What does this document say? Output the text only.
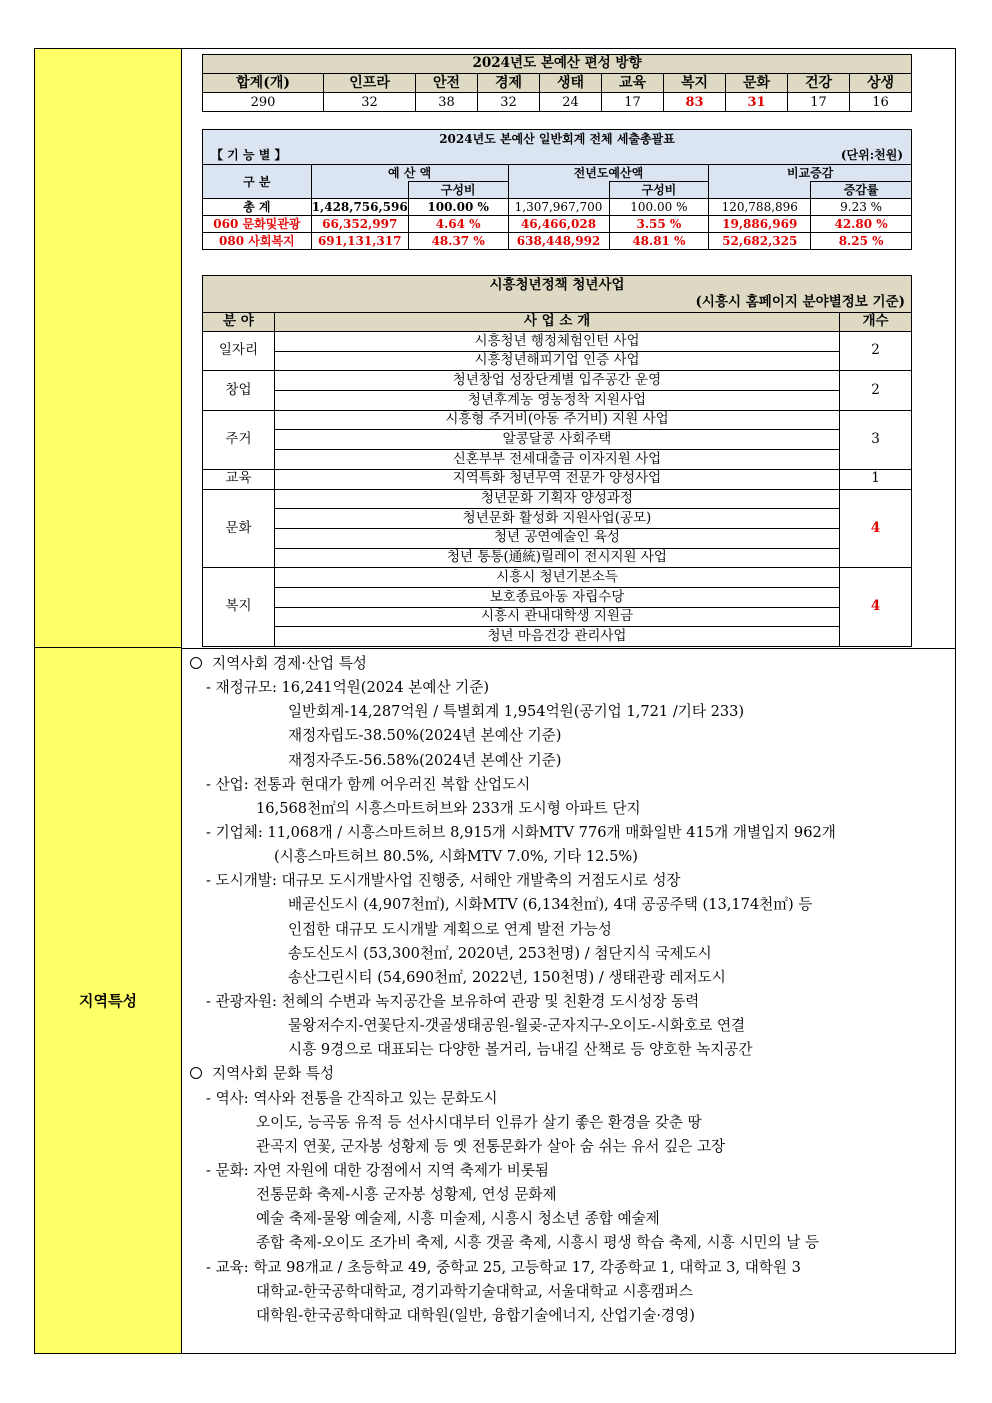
지역특성
2024년도 본예산 편성 방향									
합계(개)	인프라	안전	경제	생태	교육	복지	문화	건강	상생
290	32	38	32	24	17	83	31	17	16
2024년도 본예산 일반회계 전체 세출총괄표						

【 기 능 별 】 (단위:천원)						

구 분	예 산 액		전년도예산액		비교증감	
		구성비		구성비		증감률
총 계	1,428,756,596	100.00 %	1,307,967,700	100.00 %	120,788,896	9.23 %
060 문화및관광	66,352,997	4.64 %	46,466,028	3.55 %	19,886,969	42.80 %
080 사회복지	691,131,317	48.37 %	638,448,992	48.81 %	52,682,325	8.25 %
시흥청년정책 청년사업
(시흥시 홈페이지 분야별정보 기준)		

분 야	사 업 소 개	개수
일자리	시흥청년 행정체험인턴 사업	2
	시흥청년해피기업 인증 사업	
창업	청년창업 성장단계별 입주공간 운영	2
	청년후계농 영농정착 지원사업	
주거	시흥형 주거비(아동 주거비) 지원 사업	3
	알콩달콩 사회주택	
	신혼부부 전세대출금 이자지원 사업	
교육	지역특화 청년무역 전문가 양성사업	1
문화	청년문화 기획자 양성과정	4
	청년문화 활성화 지원사업(공모)	
	청년 공연예술인 육성	
	청년 통통(通統)릴레이 전시지원 사업	
복지	시흥시 청년기본소득	4
	보호종료아동 자립수당	
	시흥시 관내대학생 지원금	
	청년 마음건강 관리사업	

지역사회 경제·산업 특성

- 재정규모: 16,241억원(2024 본예산 기준)

일반회계-14,287억원 / 특별회계 1,954억원(공기업 1,721 /기타 233)

재정자립도-38.50%(2024년 본예산 기준)

재정자주도-56.58%(2024년 본예산 기준)

- 산업: 전통과 현대가 함께 어우러진 복합 산업도시

16,568천㎡의 시흥스마트허브와 233개 도시형 아파트 단지

- 기업체: 11,068개 / 시흥스마트허브 8,915개 시화MTV 776개 매화일반 415개 개별입지 962개

(시흥스마트허브 80.5%, 시화MTV 7.0%, 기타 12.5%)

- 도시개발: 대규모 도시개발사업 진행중, 서해안 개발축의 거점도시로 성장

배곧신도시 (4,907천㎡), 시화MTV (6,134천㎡), 4대 공공주택 (13,174천㎡) 등

인접한 대규모 도시개발 계획으로 연계 발전 가능성

송도신도시 (53,300천㎡, 2020년, 253천명) / 첨단지식 국제도시

송산그린시티 (54,690천㎡, 2022년, 150천명) / 생태관광 레저도시

- 관광자원: 천혜의 수변과 녹지공간을 보유하여 관광 및 친환경 도시성장 동력

물왕저수지-연꽃단지-갯골생태공원-월곶-군자지구-오이도-시화호로 연결

시흥 9경으로 대표되는 다양한 볼거리, 늠내길 산책로 등 양호한 녹지공간

지역사회 문화 특성

- 역사: 역사와 전통을 간직하고 있는 문화도시

오이도, 능곡동 유적 등 선사시대부터 인류가 살기 좋은 환경을 갖춘 땅

관곡지 연꽃, 군자봉 성황제 등 옛 전통문화가 살아 숨 쉬는 유서 깊은 고장

- 문화: 자연 자원에 대한 강점에서 지역 축제가 비롯됨

전통문화 축제-시흥 군자봉 성황제, 연성 문화제

예술 축제-물왕 예술제, 시흥 미술제, 시흥시 청소년 종합 예술제

종합 축제-오이도 조가비 축제, 시흥 갯골 축제, 시흥시 평생 학습 축제, 시흥 시민의 날 등

- 교육: 학교 98개교 / 초등학교 49, 중학교 25, 고등학교 17, 각종학교 1, 대학교 3, 대학원 3

대학교-한국공학대학교, 경기과학기술대학교, 서울대학교 시흥캠퍼스

대학원-한국공학대학교 대학원(일반, 융합기술에너지, 산업기술·경영)
